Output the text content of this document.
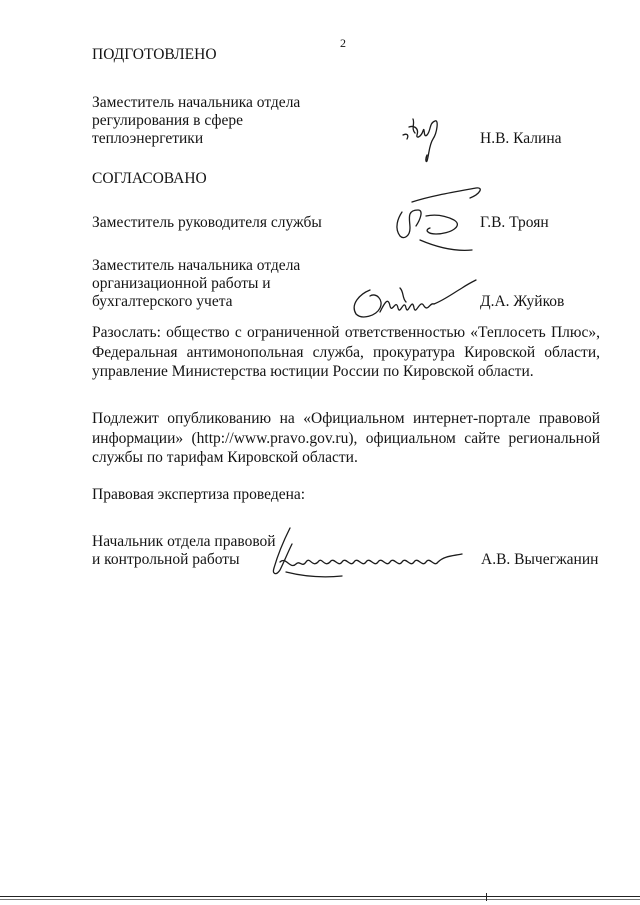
2
ПОДГОТОВЛЕНО
Заместитель начальника отдела
регулирования в сфере
теплоэнергетики	Н.В. Калина
СОГЛАСОВАНО
Заместитель руководителя службы	Г.В. Троян
Заместитель начальника отдела
организационной работы и
бухгалтерского учета	Д.А. Жуйков
Разослать: общество с ограниченной ответственностью «Теплосеть Плюс»,
Федеральная антимонопольная служба, прокуратура Кировской области,
управление Министерства юстиции России по Кировской области.
Подлежит опубликованию на «Официальном интернет-портале правовой
информации» (http://www.pravo.gov.ru), официальном сайте региональной
службы по тарифам Кировской области.
Правовая экспертиза проведена:
Начальник отдела правовой
и контрольной работы	А.В. Вычегжанин
